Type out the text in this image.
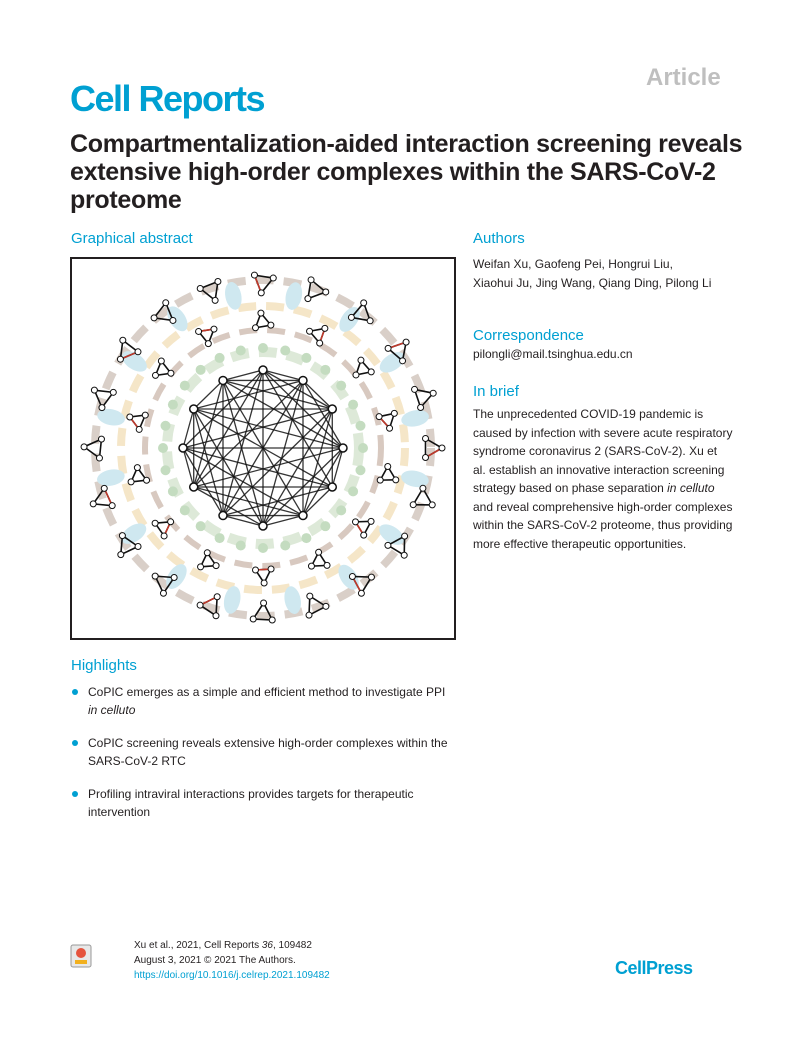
Cell Reports
Article
Compartmentalization-aided interaction screening reveals extensive high-order complexes within the SARS-CoV-2 proteome
Graphical abstract	Authors
Weifan Xu, Gaofeng Pei, Hongrui Liu, Xiaohui Ju, Jing Wang, Qiang Ding, Pilong Li
Correspondence
pilongli@mail.tsinghua.edu.cn
In brief
The unprecedented COVID-19 pandemic is caused by infection with severe acute respiratory syndrome coronavirus 2 (SARS-CoV-2). Xu et al. establish an innovative interaction screening strategy based on phase separation in celluto and reveal comprehensive high-order complexes within the SARS-CoV-2 proteome, thus providing more effective therapeutic opportunities.
Highlights
CoPIC emerges as a simple and efficient method to investigate PPI in celluto
CoPIC screening reveals extensive high-order complexes within the SARS-CoV-2 RTC
Profiling intraviral interactions provides targets for therapeutic intervention
Xu et al., 2021, Cell Reports 36, 109482
August 3, 2021 © 2021 The Authors.
https://doi.org/10.1016/j.celrep.2021.109482	CellPress
